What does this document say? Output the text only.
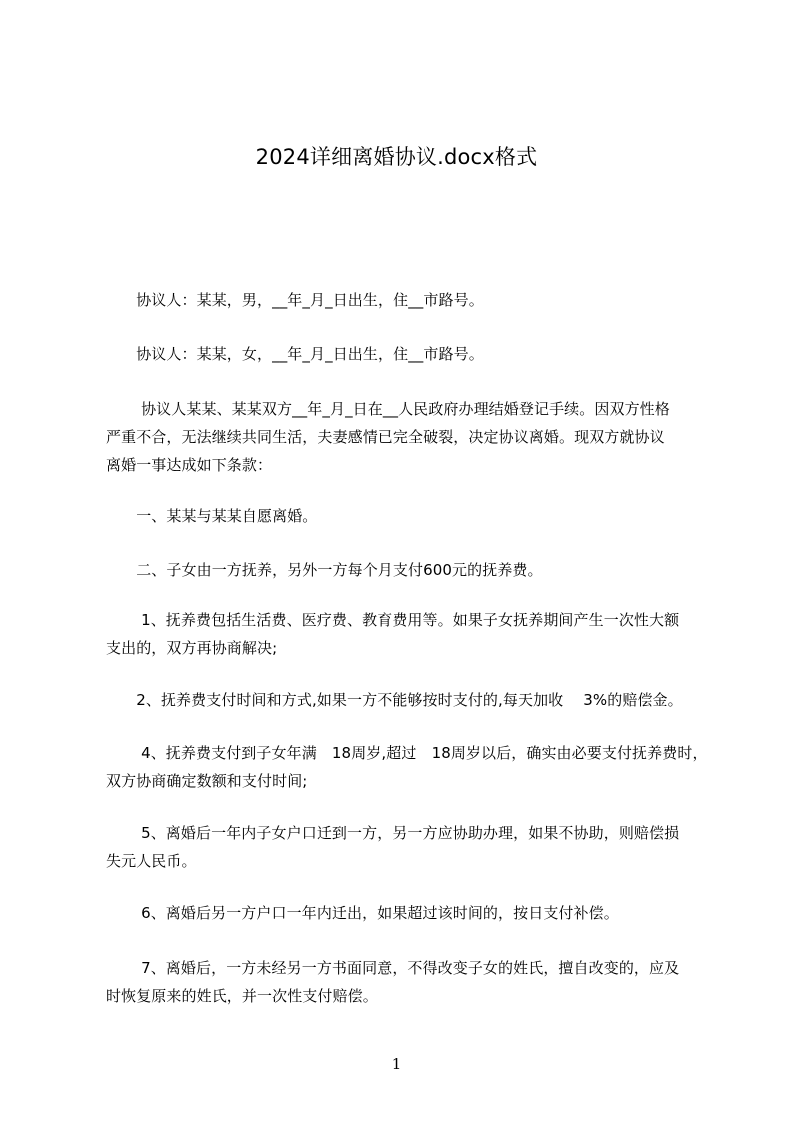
2024详细离婚协议.docx格式
　　协议人：某某，男，__年_月_日出生，住__市路号。
　　协议人：某某，女，__年_月_日出生，住__市路号。
　　 协议人某某、某某双方__年_月_日在__人民政府办理结婚登记手续。因双方性格
严重不合，无法继续共同生活，夫妻感情已完全破裂，决定协议离婚。现双方就协议
离婚一事达成如下条款：
　　一、某某与某某自愿离婚。
　　二、子女由一方抚养，另外一方每个月支付600元的抚养费。
　　 1、抚养费包括生活费、医疗费、教育费用等。如果子女抚养期间产生一次性大额
支出的，双方再协商解决;
　　2、抚养费支付时间和方式,如果一方不能够按时支付的,每天加收　 3%的赔偿金。
　　 4、抚养费支付到子女年满　18周岁,超过　18周岁以后，确实由必要支付抚养费时，
双方协商确定数额和支付时间;
　　 5、离婚后一年内子女户口迁到一方，另一方应协助办理，如果不协助，则赔偿损
失元人民币。
　　 6、离婚后另一方户口一年内迁出，如果超过该时间的，按日支付补偿。
　　 7、离婚后，一方未经另一方书面同意，不得改变子女的姓氏，擅自改变的，应及
时恢复原来的姓氏，并一次性支付赔偿。
1
